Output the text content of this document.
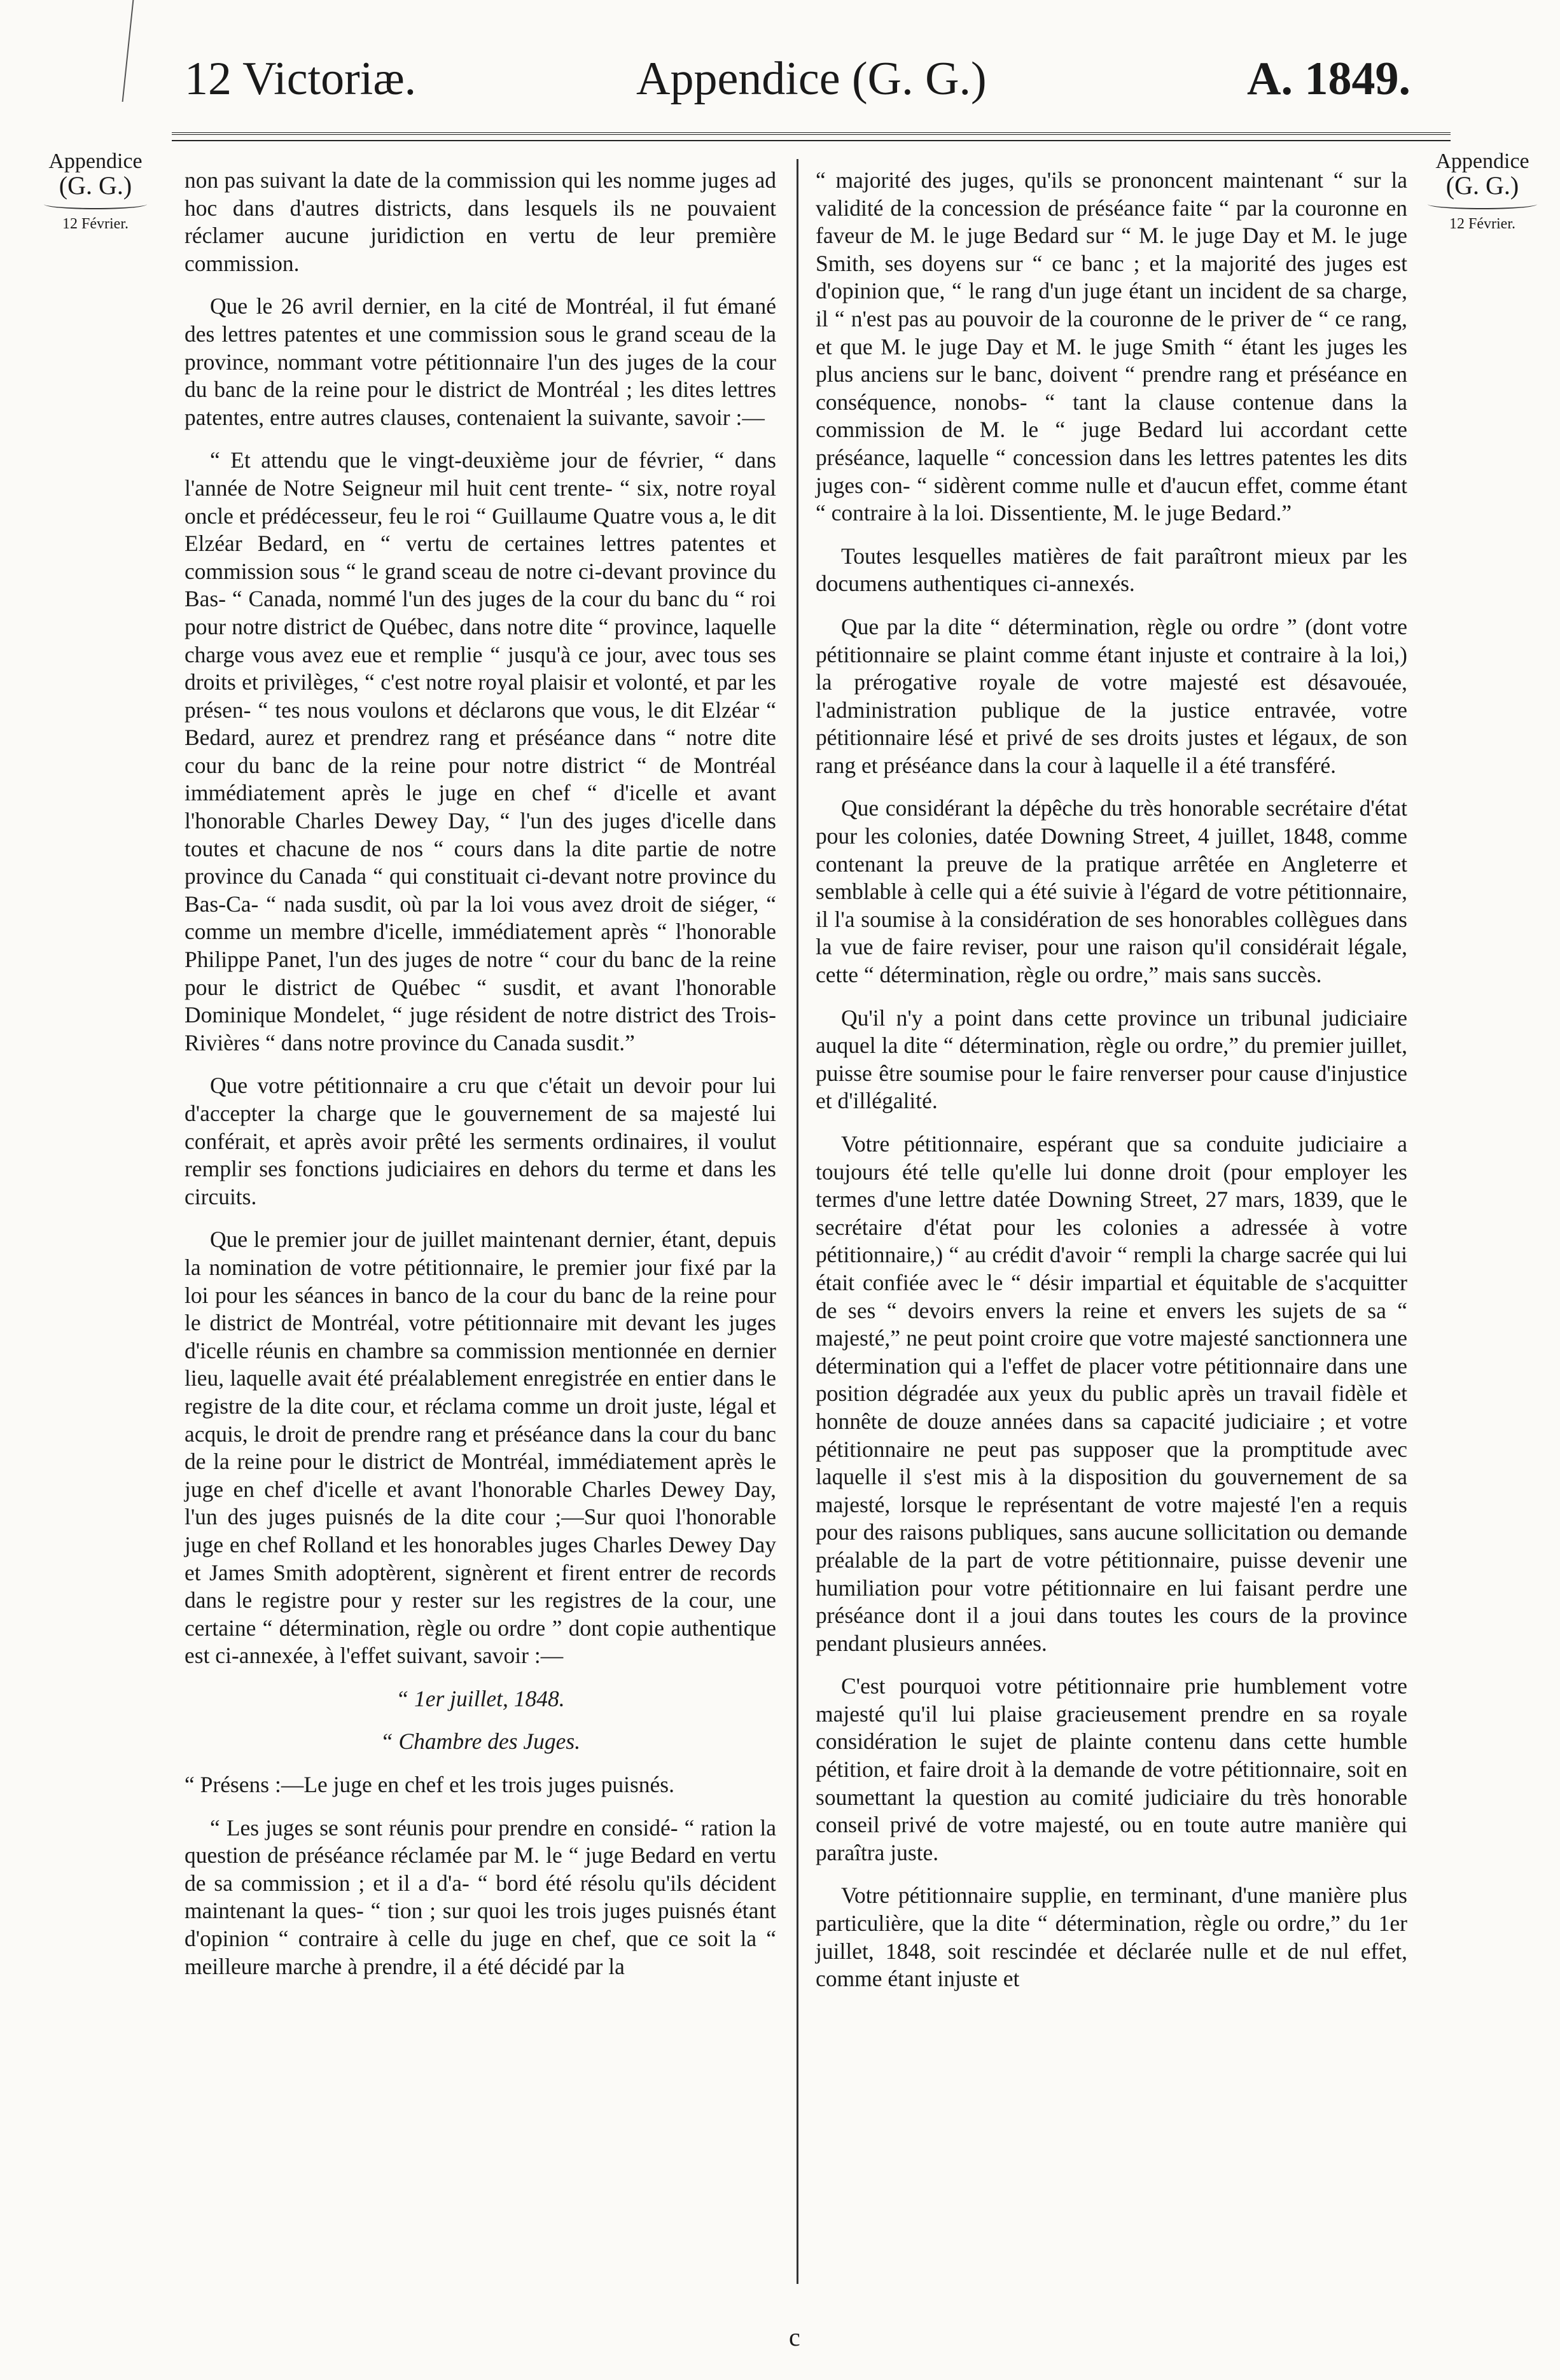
12 Victoriæ.	Appendice (G. G.)	A. 1849.
Appendice
(G. G.)
12 Février.
Appendice
(G. G.)
12 Février.

non pas suivant la date de la commission qui les nomme juges ad hoc dans d'autres districts, dans lesquels ils ne pouvaient réclamer aucune juridiction en vertu de leur première commission.

Que le 26 avril dernier, en la cité de Montréal, il fut émané des lettres patentes et une commission sous le grand sceau de la province, nommant votre pétitionnaire l'un des juges de la cour du banc de la reine pour le district de Montréal ; les dites lettres patentes, entre autres clauses, contenaient la suivante, savoir :—

“ Et attendu que le vingt-deuxième jour de février, “ dans l'année de Notre Seigneur mil huit cent trente- “ six, notre royal oncle et prédécesseur, feu le roi “ Guillaume Quatre vous a, le dit Elzéar Bedard, en “ vertu de certaines lettres patentes et commission sous “ le grand sceau de notre ci-devant province du Bas- “ Canada, nommé l'un des juges de la cour du banc du “ roi pour notre district de Québec, dans notre dite “ province, laquelle charge vous avez eue et remplie “ jusqu'à ce jour, avec tous ses droits et privilèges, “ c'est notre royal plaisir et volonté, et par les présen- “ tes nous voulons et déclarons que vous, le dit Elzéar “ Bedard, aurez et prendrez rang et préséance dans “ notre dite cour du banc de la reine pour notre district “ de Montréal immédiatement après le juge en chef “ d'icelle et avant l'honorable Charles Dewey Day, “ l'un des juges d'icelle dans toutes et chacune de nos “ cours dans la dite partie de notre province du Canada “ qui constituait ci-devant notre province du Bas-Ca- “ nada susdit, où par la loi vous avez droit de siéger, “ comme un membre d'icelle, immédiatement après “ l'honorable Philippe Panet, l'un des juges de notre “ cour du banc de la reine pour le district de Québec “ susdit, et avant l'honorable Dominique Mondelet, “ juge résident de notre district des Trois-Rivières “ dans notre province du Canada susdit.”

Que votre pétitionnaire a cru que c'était un devoir pour lui d'accepter la charge que le gouvernement de sa majesté lui conférait, et après avoir prêté les serments ordinaires, il voulut remplir ses fonctions judiciaires en dehors du terme et dans les circuits.

Que le premier jour de juillet maintenant dernier, étant, depuis la nomination de votre pétitionnaire, le premier jour fixé par la loi pour les séances in banco de la cour du banc de la reine pour le district de Montréal, votre pétitionnaire mit devant les juges d'icelle réunis en chambre sa commission mentionnée en dernier lieu, laquelle avait été préalablement enregistrée en entier dans le registre de la dite cour, et réclama comme un droit juste, légal et acquis, le droit de prendre rang et préséance dans la cour du banc de la reine pour le district de Montréal, immédiatement après le juge en chef d'icelle et avant l'honorable Charles Dewey Day, l'un des juges puisnés de la dite cour ;—Sur quoi l'honorable juge en chef Rolland et les honorables juges Charles Dewey Day et James Smith adoptèrent, signèrent et firent entrer de records dans le registre pour y rester sur les registres de la cour, une certaine “ détermination, règle ou ordre ” dont copie authentique est ci-annexée, à l'effet suivant, savoir :—

“ 1er juillet, 1848.

“ Chambre des Juges.

“ Présens :—Le juge en chef et les trois juges puisnés.

“ Les juges se sont réunis pour prendre en considé- “ ration la question de préséance réclamée par M. le “ juge Bedard en vertu de sa commission ; et il a d'a- “ bord été résolu qu'ils décident maintenant la ques- “ tion ; sur quoi les trois juges puisnés étant d'opinion “ contraire à celle du juge en chef, que ce soit la “ meilleure marche à prendre, il a été décidé par la

“ majorité des juges, qu'ils se prononcent maintenant “ sur la validité de la concession de préséance faite “ par la couronne en faveur de M. le juge Bedard sur “ M. le juge Day et M. le juge Smith, ses doyens sur “ ce banc ; et la majorité des juges est d'opinion que, “ le rang d'un juge étant un incident de sa charge, il “ n'est pas au pouvoir de la couronne de le priver de “ ce rang, et que M. le juge Day et M. le juge Smith “ étant les juges les plus anciens sur le banc, doivent “ prendre rang et préséance en conséquence, nonobs- “ tant la clause contenue dans la commission de M. le “ juge Bedard lui accordant cette préséance, laquelle “ concession dans les lettres patentes les dits juges con- “ sidèrent comme nulle et d'aucun effet, comme étant “ contraire à la loi. Dissentiente, M. le juge Bedard.”

Toutes lesquelles matières de fait paraîtront mieux par les documens authentiques ci-annexés.

Que par la dite “ détermination, règle ou ordre ” (dont votre pétitionnaire se plaint comme étant injuste et contraire à la loi,) la prérogative royale de votre majesté est désavouée, l'administration publique de la justice entravée, votre pétitionnaire lésé et privé de ses droits justes et légaux, de son rang et préséance dans la cour à laquelle il a été transféré.

Que considérant la dépêche du très honorable secrétaire d'état pour les colonies, datée Downing Street, 4 juillet, 1848, comme contenant la preuve de la pratique arrêtée en Angleterre et semblable à celle qui a été suivie à l'égard de votre pétitionnaire, il l'a soumise à la considération de ses honorables collègues dans la vue de faire reviser, pour une raison qu'il considérait légale, cette “ détermination, règle ou ordre,” mais sans succès.

Qu'il n'y a point dans cette province un tribunal judiciaire auquel la dite “ détermination, règle ou ordre,” du premier juillet, puisse être soumise pour le faire renverser pour cause d'injustice et d'illégalité.

Votre pétitionnaire, espérant que sa conduite judiciaire a toujours été telle qu'elle lui donne droit (pour employer les termes d'une lettre datée Downing Street, 27 mars, 1839, que le secrétaire d'état pour les colonies a adressée à votre pétitionnaire,) “ au crédit d'avoir “ rempli la charge sacrée qui lui était confiée avec le “ désir impartial et équitable de s'acquitter de ses “ devoirs envers la reine et envers les sujets de sa “ majesté,” ne peut point croire que votre majesté sanctionnera une détermination qui a l'effet de placer votre pétitionnaire dans une position dégradée aux yeux du public après un travail fidèle et honnête de douze années dans sa capacité judiciaire ; et votre pétitionnaire ne peut pas supposer que la promptitude avec laquelle il s'est mis à la disposition du gouvernement de sa majesté, lorsque le représentant de votre majesté l'en a requis pour des raisons publiques, sans aucune sollicitation ou demande préalable de la part de votre pétitionnaire, puisse devenir une humiliation pour votre pétitionnaire en lui faisant perdre une préséance dont il a joui dans toutes les cours de la province pendant plusieurs années.

C'est pourquoi votre pétitionnaire prie humblement votre majesté qu'il lui plaise gracieusement prendre en sa royale considération le sujet de plainte contenu dans cette humble pétition, et faire droit à la demande de votre pétitionnaire, soit en soumettant la question au comité judiciaire du très honorable conseil privé de votre majesté, ou en toute autre manière qui paraîtra juste.

Votre pétitionnaire supplie, en terminant, d'une manière plus particulière, que la dite “ détermination, règle ou ordre,” du 1er juillet, 1848, soit rescindée et déclarée nulle et de nul effet, comme étant injuste et

c
